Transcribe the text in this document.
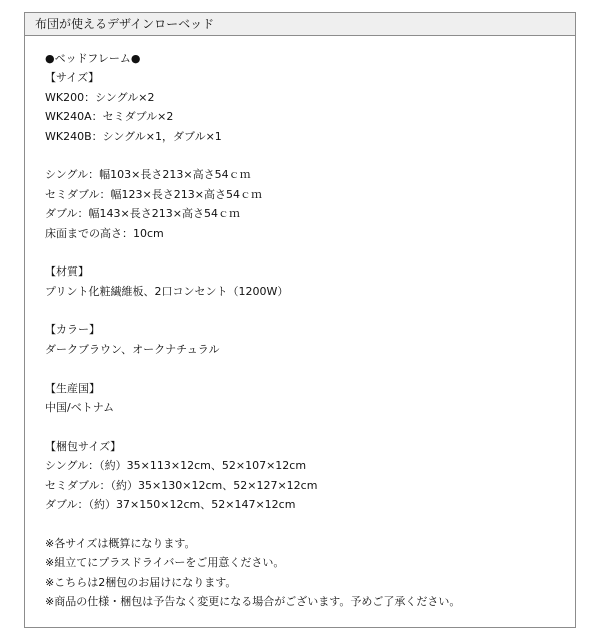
布団が使えるデザインローベッド
●ベッドフレーム●
【サイズ】
WK200：シングル×2
WK240A：セミダブル×2
WK240B：シングル×1，ダブル×1
シングル：幅103×長さ213×高さ54ｃｍ
セミダブル：幅123×長さ213×高さ54ｃｍ
ダブル：幅143×長さ213×高さ54ｃｍ
床面までの高さ：10cm
【材質】
プリント化粧繊維板、2口コンセント（1200W）
【カラー】
ダークブラウン、オークナチュラル
【生産国】
中国/ベトナム
【梱包サイズ】
シングル：（約）35×113×12cm、52×107×12cm
セミダブル：（約）35×130×12cm、52×127×12cm
ダブル：（約）37×150×12cm、52×147×12cm
※各サイズは概算になります。
※組立てにプラスドライバーをご用意ください。
※こちらは2梱包のお届けになります。
※商品の仕様・梱包は予告なく変更になる場合がございます。予めご了承ください。
